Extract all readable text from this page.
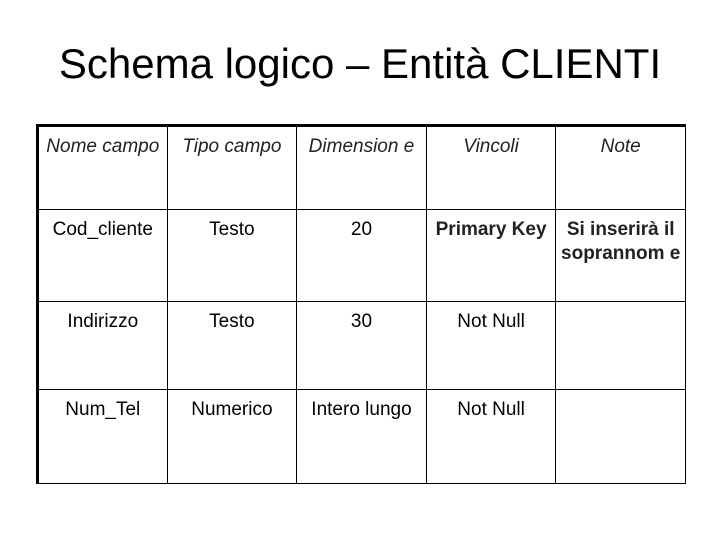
Schema logico – Entità CLIENTI
Nome campo	Tipo campo	Dimension e	Vincoli	Note
Cod_cliente	Testo	20	Primary Key	Si inserirà il soprannom e
Indirizzo	Testo	30	Not Null	
Num_Tel	Numerico	Intero lungo	Not Null	
